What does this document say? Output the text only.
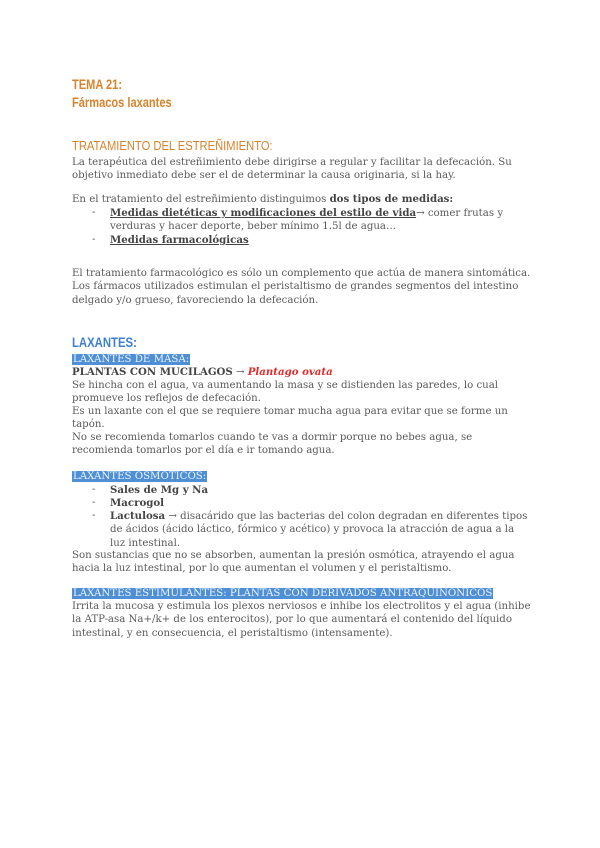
TEMA 21:
Fármacos laxantes
TRATAMIENTO DEL ESTREÑIMIENTO:
La terapéutica del estreñimiento debe dirigirse a regular y facilitar la defecación. Su objetivo inmediato debe ser el de determinar la causa originaria, si la hay.
En el tratamiento del estreñimiento distinguimos dos tipos de medidas:
- Medidas dietéticas y modificaciones del estilo de vida→ comer frutas y verduras y hacer deporte, beber mínimo 1.5l de agua…
- Medidas farmacológicas
El tratamiento farmacológico es sólo un complemento que actúa de manera sintomática. Los fármacos utilizados estimulan el peristaltismo de grandes segmentos del intestino delgado y/o grueso, favoreciendo la defecación.
LAXANTES:
LAXANTES DE MASA:
PLANTAS CON MUCILAGOS → Plantago ovata
Se hincha con el agua, va aumentando la masa y se distienden las paredes, lo cual promueve los reflejos de defecación.
Es un laxante con el que se requiere tomar mucha agua para evitar que se forme un tapón.
No se recomienda tomarlos cuando te vas a dormir porque no bebes agua, se recomienda tomarlos por el día e ir tomando agua.
LAXANTES OSMÓTICOS:
- Sales de Mg y Na
- Macrogol
- Lactulosa → disacárido que las bacterias del colon degradan en diferentes tipos de ácidos (ácido láctico, fórmico y acético) y provoca la atracción de agua a la luz intestinal.
Son sustancias que no se absorben, aumentan la presión osmótica, atrayendo el agua hacia la luz intestinal, por lo que aumentan el volumen y el peristaltismo.
LAXANTES ESTIMULANTES: PLANTAS CON DERIVADOS ANTRAQUINÓNICOS
Irrita la mucosa y estimula los plexos nerviosos e inhibe los electrolitos y el agua (inhibe la ATP-asa Na+/k+ de los enterocitos), por lo que aumentará el contenido del líquido intestinal, y en consecuencia, el peristaltismo (intensamente).
